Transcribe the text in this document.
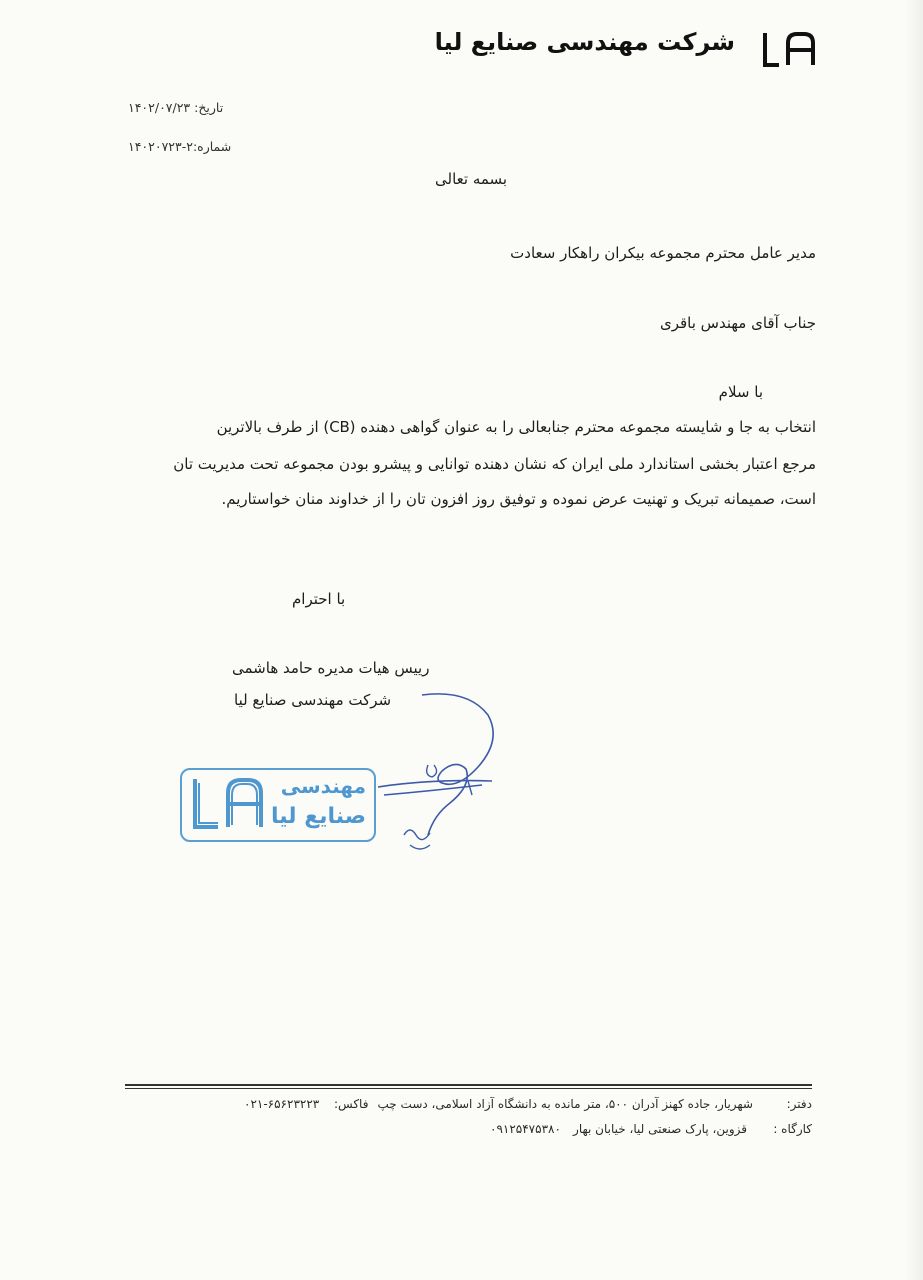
شرکت مهندسی صنایع لیا
تاریخ: ۱۴۰۲/۰۷/۲۳
شماره:۲-۱۴۰۲۰۷۲۳
بسمه تعالی
مدیر عامل محترم مجموعه بیکران راهکار سعادت
جناب آقای مهندس باقری
با سلام
انتخاب به جا و شایسته مجموعه محترم جنابعالی را به عنوان گواهی دهنده (CB) از طرف بالاترین
مرجع اعتبار بخشی استاندارد ملی ایران که نشان دهنده توانایی و پیشرو بودن مجموعه تحت مدیریت تان
است، صمیمانه تبریک و تهنیت عرض نموده و توفیق روز افزون تان را از خداوند منان خواستاریم.
با احترام
رییس هیات مدیره حامد هاشمی
شرکت مهندسی صنایع لیا
مهندسی
صنایع لیا
دفتر:
شهریار، جاده کهنز آدران ۵۰۰، متر مانده به دانشگاه آزاد اسلامی، دست چپ
فاکس:
۰۲۱-۶۵۶۲۳۲۲۳
کارگاه :
قزوین، پارک صنعتی لیا، خیابان بهار
۰۹۱۲۵۴۷۵۳۸۰
